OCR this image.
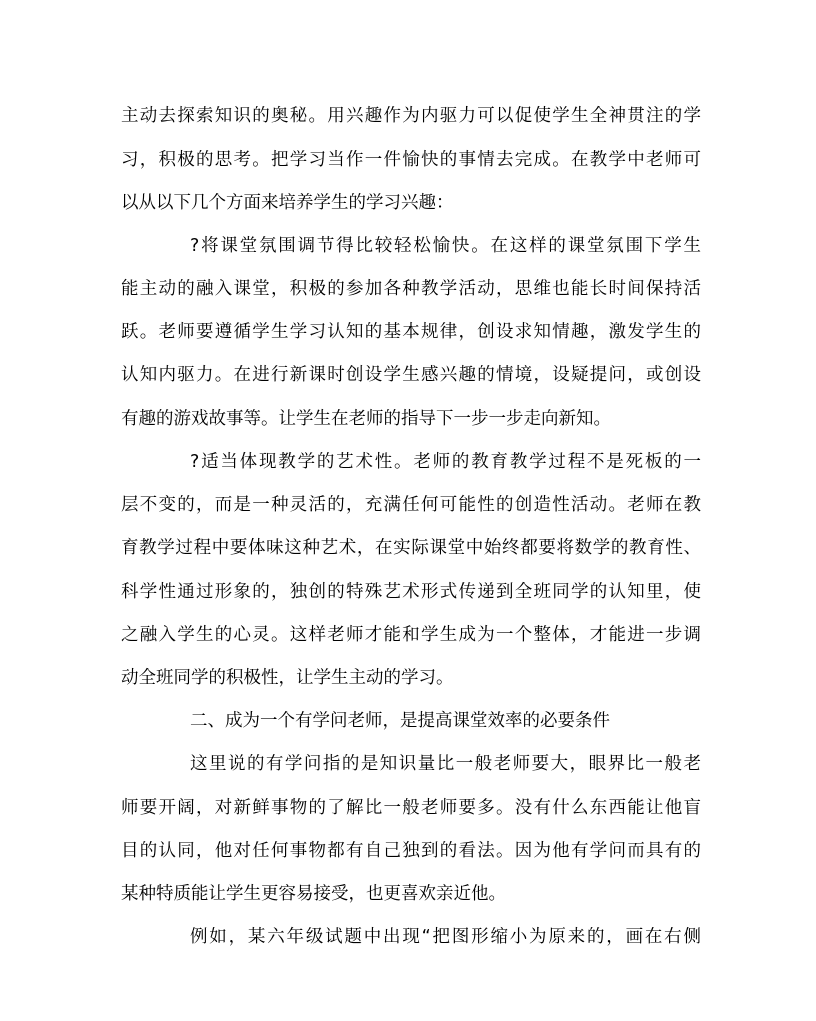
主动去探索知识的奥秘。用兴趣作为内驱力可以促使学生全神贯注的学
习，积极的思考。把学习当作一件愉快的事情去完成。在教学中老师可
以从以下几个方面来培养学生的学习兴趣：
?将课堂氛围调节得比较轻松愉快。在这样的课堂氛围下学生
能主动的融入课堂，积极的参加各种教学活动，思维也能长时间保持活
跃。老师要遵循学生学习认知的基本规律，创设求知情趣，激发学生的
认知内驱力。在进行新课时创设学生感兴趣的情境，设疑提问，或创设
有趣的游戏故事等。让学生在老师的指导下一步一步走向新知。
?适当体现教学的艺术性。老师的教育教学过程不是死板的一
层不变的，而是一种灵活的，充满任何可能性的创造性活动。老师在教
育教学过程中要体味这种艺术，在实际课堂中始终都要将数学的教育性、
科学性通过形象的，独创的特殊艺术形式传递到全班同学的认知里，使
之融入学生的心灵。这样老师才能和学生成为一个整体，才能进一步调
动全班同学的积极性，让学生主动的学习。
二、成为一个有学问老师，是提高课堂效率的必要条件
这里说的有学问指的是知识量比一般老师要大，眼界比一般老
师要开阔，对新鲜事物的了解比一般老师要多。没有什么东西能让他盲
目的认同，他对任何事物都有自己独到的看法。因为他有学问而具有的
某种特质能让学生更容易接受，也更喜欢亲近他。
例如，某六年级试题中出现“把图形缩小为原来的，画在右侧
